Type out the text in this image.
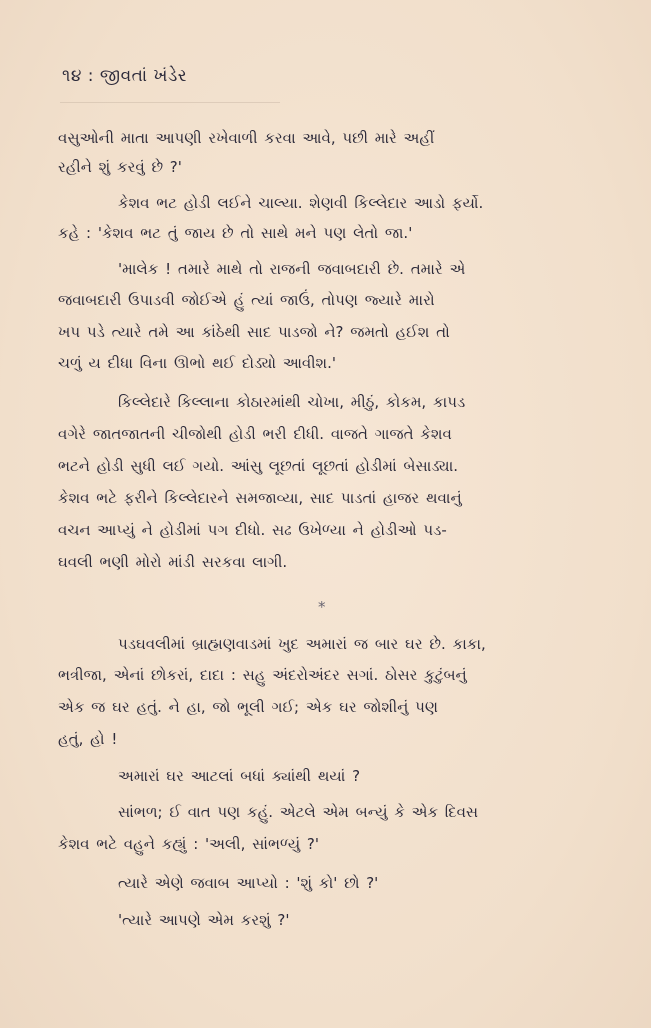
૧૪ : જીવતાં ખંડેર
વસુઓની માતા આપણી રખેવાળી કરવા આવે, પછી મારે અહીં
રહીને શું કરવું છે ?'
કેશવ ભટ હોડી લઈને ચાલ્યા. શેણવી કિલ્લેદાર આડો ફર્યો.
કહે : 'કેશવ ભટ તું જાય છે તો સાથે મને પણ લેતો જા.'
'માલેક ! તમારે માથે તો રાજની જવાબદારી છે. તમારે એ
જવાબદારી ઉપાડવી જોઈએ હું ત્યાં જાઉં, તોપણ જ્યારે મારો
ખપ પડે ત્યારે તમે આ કાંઠેથી સાદ પાડજો ને? જમતો હઈશ તો
ચળું ય દીધા વિના ઊભો થઈ દોડ્યો આવીશ.'
કિલ્લેદારે કિલ્લાના કોઠારમાંથી ચોખા, મીઠું, કોકમ, કાપડ
વગેરે જાતજાતની ચીજોથી હોડી ભરી દીધી. વાજતે ગાજતે કેશવ
ભટને હોડી સુધી લઈ ગયો. આંસુ લૂછતાં લૂછતાં હોડીમાં બેસાડ્યા.
કેશવ ભટે ફરીને કિલ્લેદારને સમજાવ્યા, સાદ પાડતાં હાજર થવાનું
વચન આપ્યું ને હોડીમાં પગ દીધો. સઢ ઉખેળ્યા ને હોડીઓ પડ-
ઘવલી ભણી મોરો માંડી સરકવા લાગી.
*
પડઘવલીમાં બ્રાહ્મણવાડમાં ખુદ અમારાં જ બાર ઘર છે. કાકા,
ભત્રીજા, એનાં છોકરાં, દાદા : સહુ અંદરોઅંદર સગાં. ઠોસર કુટુંબનું
એક જ ઘર હતું. ને હા, જો ભૂલી ગઈ; એક ઘર જોશીનું પણ
હતું, હો !
અમારાં ઘર આટલાં બધાં ક્યાંથી થયાં ?
સાંભળ; ઈ વાત પણ કહું. એટલે એમ બન્યું કે એક દિવસ
કેશવ ભટે વહુને કહ્યું : 'અલી, સાંભળ્યું ?'
ત્યારે એણે જવાબ આપ્યો : 'શું કો' છો ?'
'ત્યારે આપણે એમ કરશું ?'
